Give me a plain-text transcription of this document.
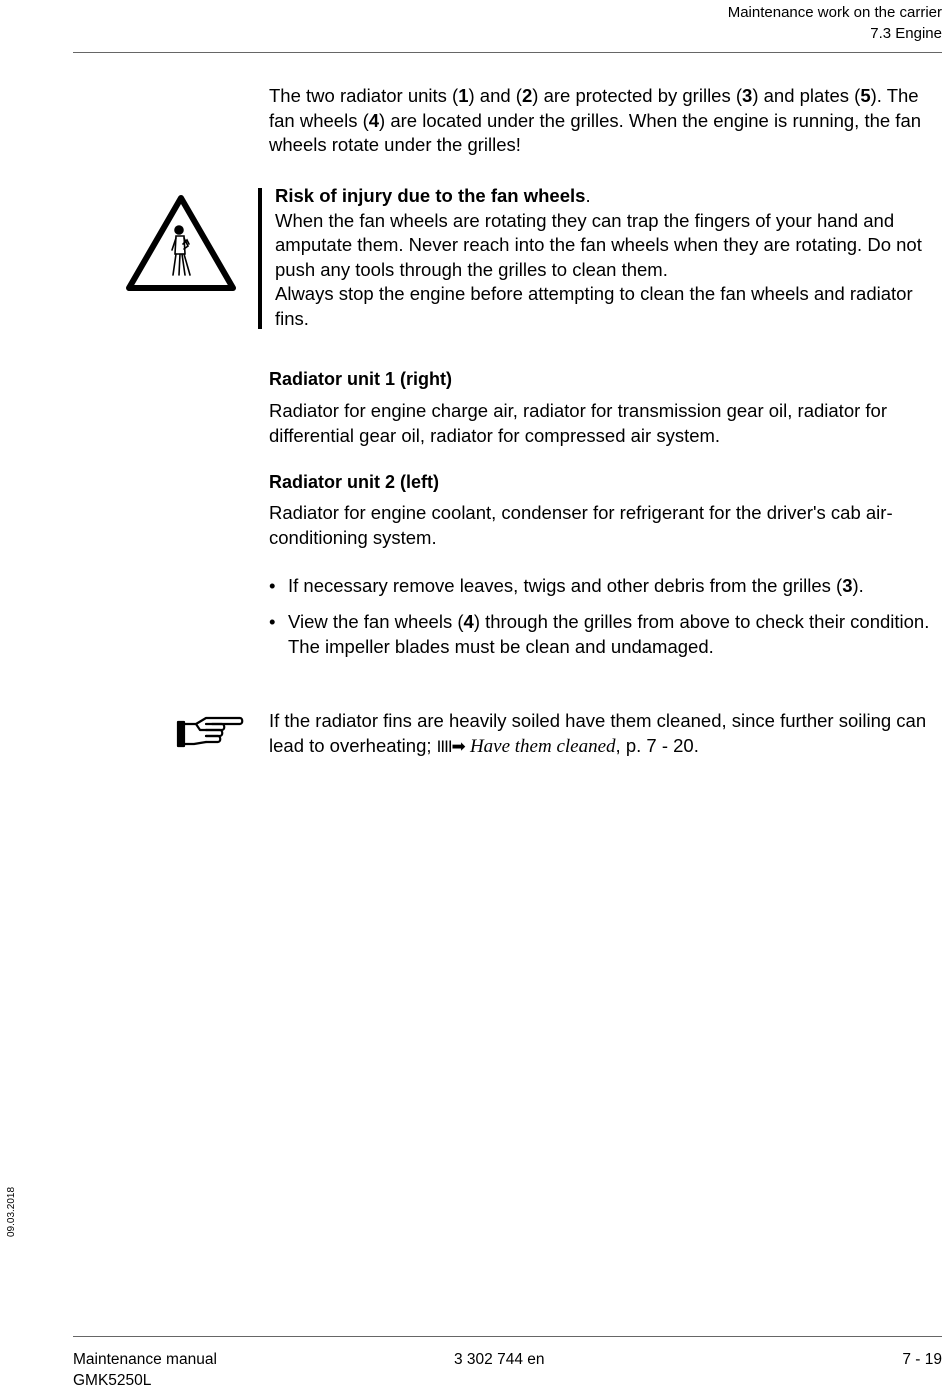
Maintenance work on the carrier
7.3 Engine

The two radiator units (1) and (2) are protected by grilles (3) and plates (5). The fan wheels (4) are located under the grilles. When the engine is running, the fan wheels rotate under the grilles!

Risk of injury due to the fan wheels.
When the fan wheels are rotating they can trap the fingers of your hand and amputate them. Never reach into the fan wheels when they are rotating. Do not push any tools through the grilles to clean them.
Always stop the engine before attempting to clean the fan wheels and radiator fins.
Radiator unit 1 (right)
Radiator for engine charge air, radiator for transmission gear oil, radiator for differential gear oil, radiator for compressed air system.
Radiator unit 2 (left)
Radiator for engine coolant, condenser for refrigerant for the driver's cab air-conditioning system.
• If necessary remove leaves, twigs and other debris from the grilles (3).
• View the fan wheels (4) through the grilles from above to check their condition. The impeller blades must be clean and undamaged.
If the radiator fins are heavily soiled have them cleaned, since further soiling can lead to overheating; IIII➡ Have them cleaned, p. 7 - 20.
09.03.2018
Maintenance manual
GMK5250L
3 302 744 en	7 - 19
